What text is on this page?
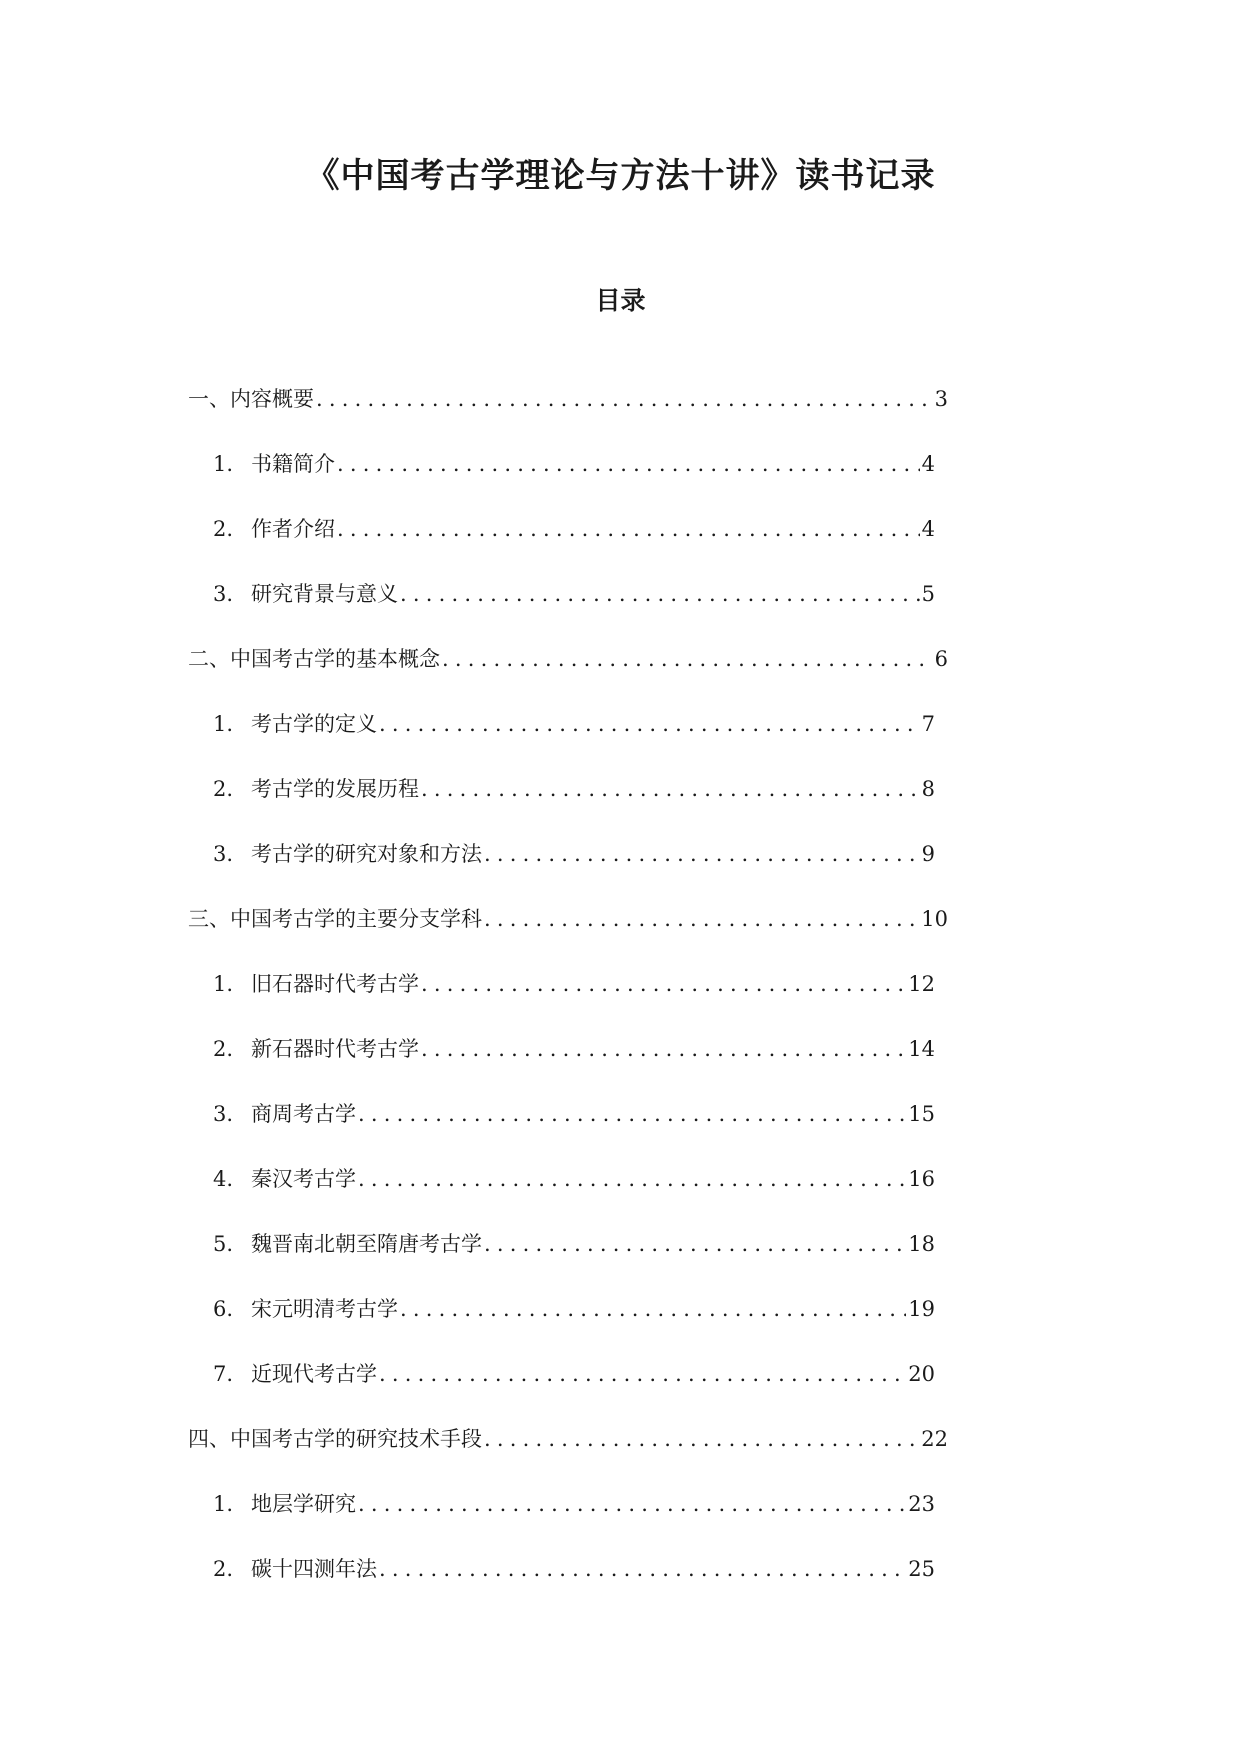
《中国考古学理论与方法十讲》读书记录
目录
一、内容概要 .....	3
1. 书籍简介 .....	4
2. 作者介绍 .....	4
3. 研究背景与意义 .....	5
二、中国考古学的基本概念 .....	6
1. 考古学的定义 .....	7
2. 考古学的发展历程 .....	8
3. 考古学的研究对象和方法 .....	9
三、中国考古学的主要分支学科 .....	10
1. 旧石器时代考古学 .....	12
2. 新石器时代考古学 .....	14
3. 商周考古学 .....	15
4. 秦汉考古学 .....	16
5. 魏晋南北朝至隋唐考古学 .....	18
6. 宋元明清考古学 .....	19
7. 近现代考古学 .....	20
四、中国考古学的研究技术手段 .....	22
1. 地层学研究 .....	23
2. 碳十四测年法 .....	25
